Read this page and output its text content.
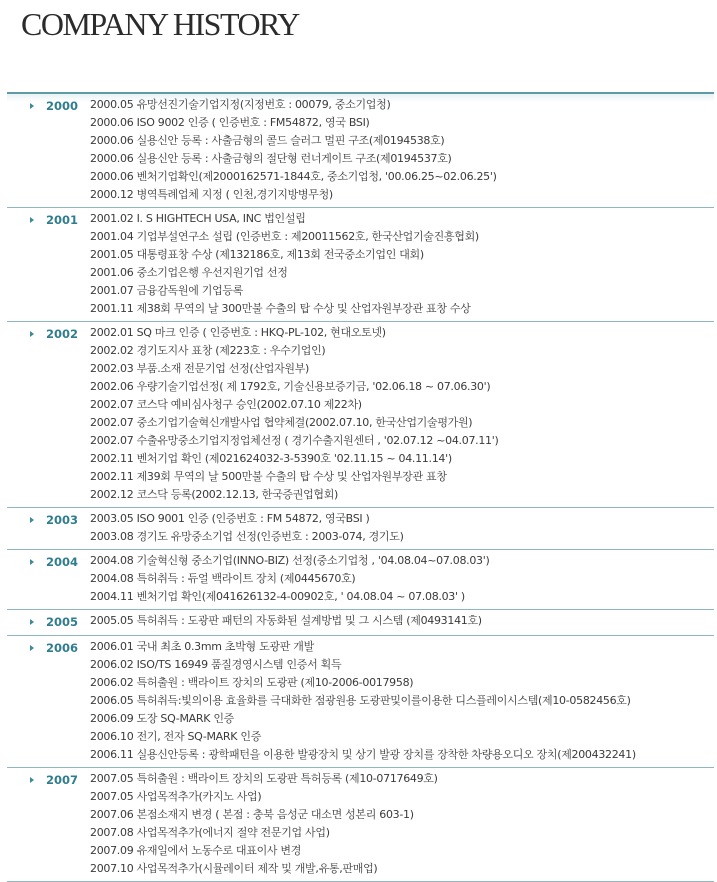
COMPANY HISTORY
2000 2000.05 유망선진기술기업지정(지정번호 : 00079, 중소기업청)
2000.06 ISO 9002 인증 ( 인증번호 : FM54872, 영국 BSI)
2000.06 실용신안 등록 : 사출금형의 콜드 슬러그 멀핀 구조(제0194538호)
2000.06 실용신안 등록 : 사출금형의 절단형 런너게이트 구조(제0194537호)
2000.06 벤처기업확인(제2000162571-1844호, 중소기업청, '00.06.25~02.06.25')
2000.12 병역특례업체 지정 ( 인천,경기지방병무청)
2001 2001.02 I. S HIGHTECH USA, INC 법인설립
2001.04 기업부설연구소 설립 (인증번호 : 제20011562호, 한국산업기술진흥협회)
2001.05 대통령표창 수상 (제132186호, 제13회 전국중소기업인 대회)
2001.06 중소기업은행 우선지원기업 선정
2001.07 금융감독원에 기업등록
2001.11 제38회 무역의 날 300만불 수출의 탑 수상 및 산업자원부장관 표창 수상
2002 2002.01 SQ 마크 인증 ( 인증번호 : HKQ-PL-102, 현대오토넷)
2002.02 경기도지사 표창 (제223호 : 우수기업인)
2002.03 부품.소재 전문기업 선정(산업자원부)
2002.06 우량기술기업선정( 제 1792호, 기술신용보증기금, '02.06.18 ~ 07.06.30')
2002.07 코스닥 예비심사청구 승인(2002.07.10 제22차)
2002.07 중소기업기술혁신개발사업 협약체결(2002.07.10, 한국산업기술평가원)
2002.07 수출유망중소기업지정업체선정 ( 경기수출지원센터 , '02.07.12 ~04.07.11')
2002.11 벤처기업 확인 (제021624032-3-5390호 '02.11.15 ~ 04.11.14')
2002.11 제39회 무역의 날 500만불 수출의 탑 수상 및 산업자원부장관 표창
2002.12 코스닥 등록(2002.12.13, 한국증권업협회)
2003 2003.05 ISO 9001 인증 (인증번호 : FM 54872, 영국BSI )
2003.08 경기도 유망중소기업 선정(인증번호 : 2003-074, 경기도)
2004 2004.08 기술혁신형 중소기업(INNO-BIZ) 선정(중소기업청 , '04.08.04~07.08.03')
2004.08 특허취득 : 듀얼 백라이트 장치 (제0445670호)
2004.11 벤처기업 확인(제041626132-4-00902호, ' 04.08.04 ~ 07.08.03' )
2005 2005.05 특허취득 : 도광판 패턴의 자동화된 설계방법 및 그 시스템 (제0493141호)
2006 2006.01 국내 최초 0.3mm 초박형 도광판 개발
2006.02 ISO/TS 16949 품질경영시스템 인증서 획득
2006.02 특허출원 : 백라이트 장치의 도광판 (제10-2006-0017958)
2006.05 특허취득:빛의이용 효율화를 극대화한 점광원용 도광판및이를이용한 디스플레이시스템(제10-0582456호)
2006.09 도장 SQ-MARK 인증
2006.10 전기, 전자 SQ-MARK 인증
2006.11 실용신안등록 : 광학패턴을 이용한 발광장치 및 상기 발광 장치를 장착한 차량용오디오 장치(제200432241)
2007 2007.05 특허출원 : 백라이트 장치의 도광판 특허등록 (제10-0717649호)
2007.05 사업목적추가(카지노 사업)
2007.06 본점소재지 변경 ( 본점 : 충북 음성군 대소면 성본리 603-1)
2007.08 사업목적추가(에너지 절약 전문기업 사업)
2007.09 유재일에서 노동수로 대표이사 변경
2007.10 사업목적추가(시뮬레이터 제작 및 개발,유통,판매업)
